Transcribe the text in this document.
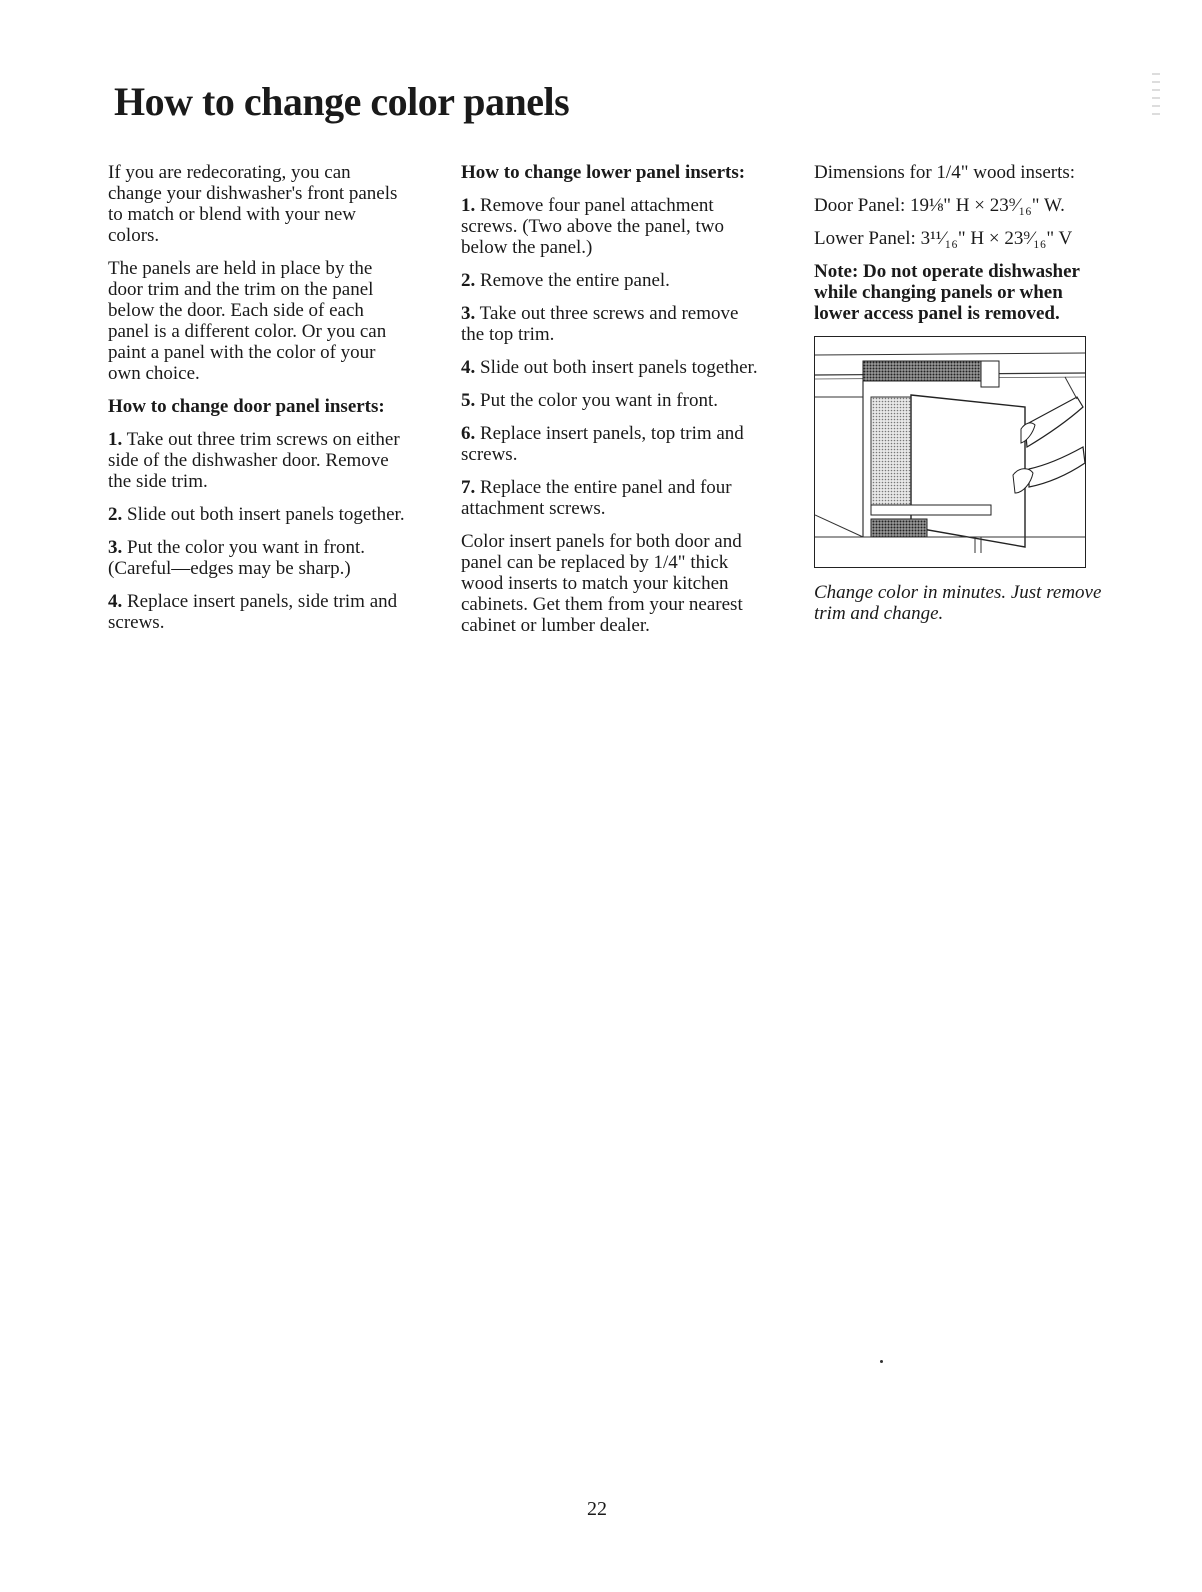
How to change color panels

If you are redecorating, you can change your dishwasher's front panels to match or blend with your new colors.

The panels are held in place by the door trim and the trim on the panel below the door. Each side of each panel is a different color. Or you can paint a panel with the color of your own choice.

How to change door panel inserts:

1. Take out three trim screws on either side of the dishwasher door. Remove the side trim.

2. Slide out both insert panels together.

3. Put the color you want in front. (Careful—edges may be sharp.)

4. Replace insert panels, side trim and screws.

How to change lower panel inserts:

1. Remove four panel attachment screws. (Two above the panel, two below the panel.)

2. Remove the entire panel.

3. Take out three screws and remove the top trim.

4. Slide out both insert panels together.

5. Put the color you want in front.

6. Replace insert panels, top trim and screws.

7. Replace the entire panel and four attachment screws.

Color insert panels for both door and panel can be replaced by 1/4" thick wood inserts to match your kitchen cabinets. Get them from your nearest cabinet or lumber dealer.

Dimensions for 1/4" wood inserts:

Door Panel: 19⅛" H × 23⁹⁄₁₆" W.

Lower Panel: 3¹¹⁄₁₆" H × 23⁹⁄₁₆" V

Note: Do not operate dishwasher while changing panels or when lower access panel is removed.

Change color in minutes. Just remove trim and change.
22
